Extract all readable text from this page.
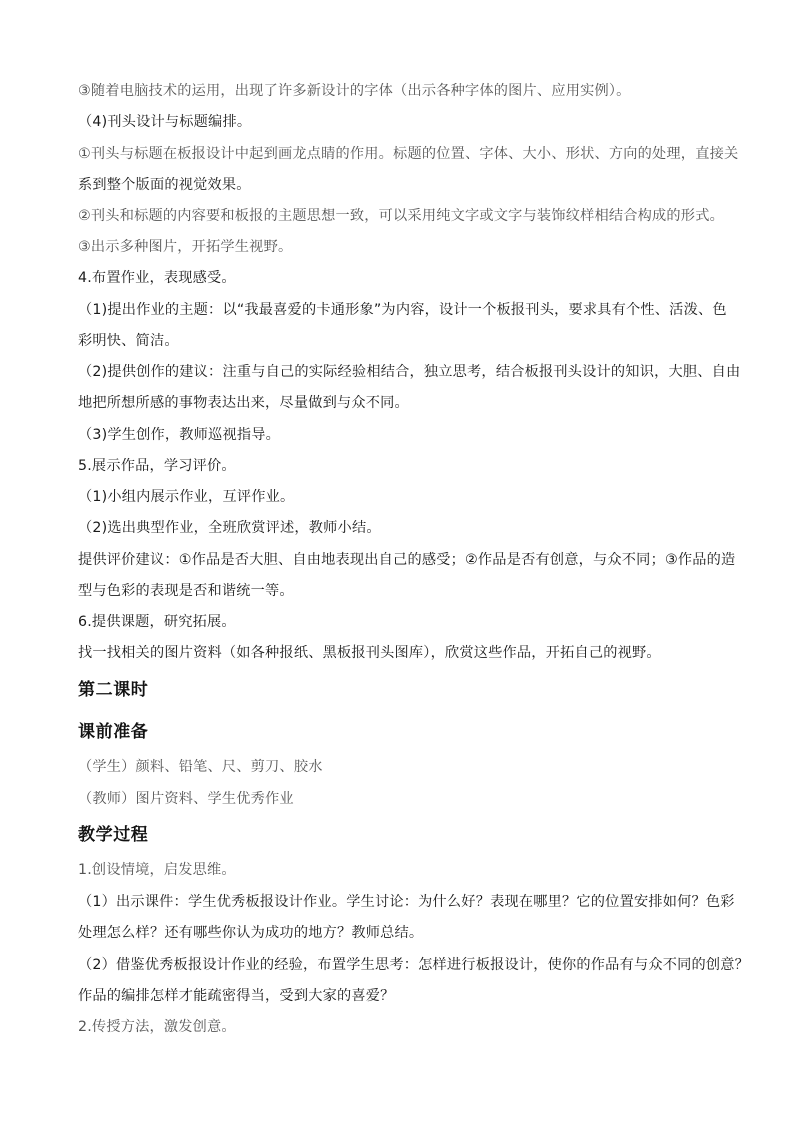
③随着电脑技术的运用，出现了许多新设计的字体（出示各种字体的图片、应用实例）。
（4)刊头设计与标题编排。
①刊头与标题在板报设计中起到画龙点睛的作用。标题的位置、字体、大小、形状、方向的处理，直接关
系到整个版面的视觉效果。
②刊头和标题的内容要和板报的主题思想一致，可以采用纯文字或文字与装饰纹样相结合构成的形式。
③出示多种图片，开拓学生视野。
4.布置作业，表现感受。
（1)提出作业的主题：以“我最喜爱的卡通形象”为内容，设计一个板报刊头，要求具有个性、活泼、色
彩明快、简洁。
（2)提供创作的建议：注重与自己的实际经验相结合，独立思考，结合板报刊头设计的知识，大胆、自由
地把所想所感的事物表达出来，尽量做到与众不同。
（3)学生创作，教师巡视指导。
5.展示作品，学习评价。
（1)小组内展示作业，互评作业。
（2)选出典型作业，全班欣赏评述，教师小结。
提供评价建议：①作品是否大胆、自由地表现出自己的感受；②作品是否有创意，与众不同；③作品的造
型与色彩的表现是否和谐统一等。
6.提供课题，研究拓展。
找一找相关的图片资料（如各种报纸、黑板报刊头图库），欣赏这些作品，开拓自己的视野。
第二课时
课前准备
（学生）颜料、铅笔、尺、剪刀、胶水
（教师）图片资料、学生优秀作业
教学过程
1.创设情境，启发思维。
（1）出示课件：学生优秀板报设计作业。学生讨论：为什么好？表现在哪里？它的位置安排如何？色彩
处理怎么样？还有哪些你认为成功的地方？教师总结。
（2）借鉴优秀板报设计作业的经验，布置学生思考：怎样进行板报设计，使你的作品有与众不同的创意？
作品的编排怎样才能疏密得当，受到大家的喜爱？
2.传授方法，激发创意。
